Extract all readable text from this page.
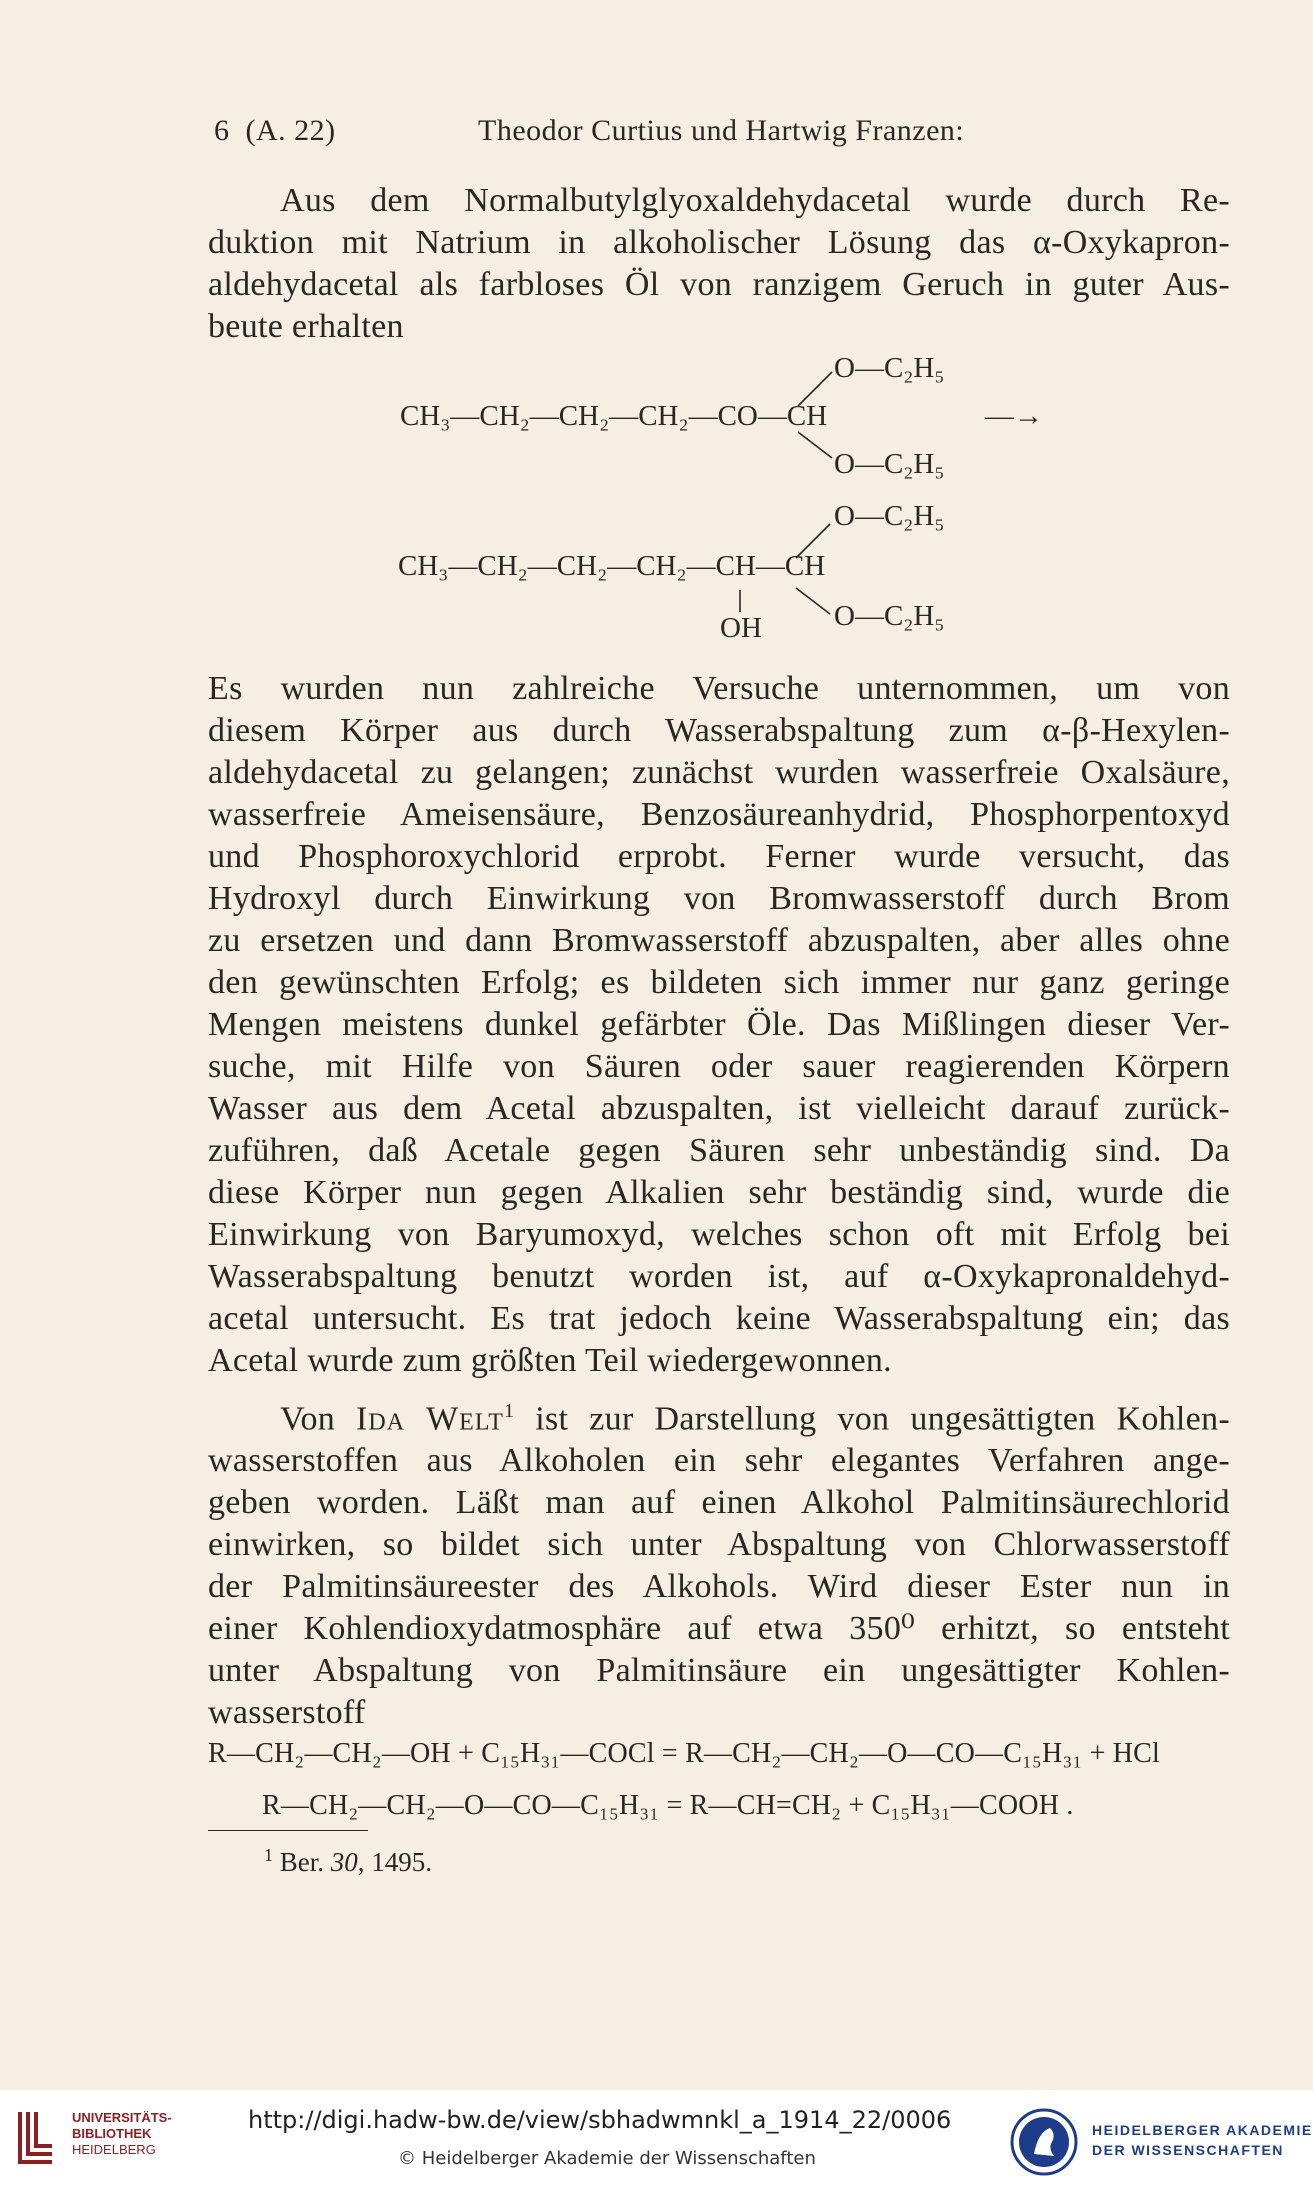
6 (A. 22)	Theodor Curtius und Hartwig Franzen:

Aus dem Normalbutylglyoxaldehydacetal wurde durch Re-

duktion mit Natrium in alkoholischer Lösung das α-Oxykapron-

aldehydacetal als farbloses Öl von ranzigem Geruch in guter Aus-

beute erhalten

O—C₂H₅
CH₃—CH₂—CH₂—CH₂—CO—CH	—→
O—C₂H₅
O—C₂H₅
CH₃—CH₂—CH₂—CH₂—CH—CH
O—C₂H₅
OH

Es wurden nun zahlreiche Versuche unternommen, um von

diesem Körper aus durch Wasserabspaltung zum α-β-Hexylen-

aldehydacetal zu gelangen; zunächst wurden wasserfreie Oxalsäure,

wasserfreie Ameisensäure, Benzosäureanhydrid, Phosphorpentoxyd

und Phosphoroxychlorid erprobt. Ferner wurde versucht, das

Hydroxyl durch Einwirkung von Bromwasserstoff durch Brom

zu ersetzen und dann Bromwasserstoff abzuspalten, aber alles ohne

den gewünschten Erfolg; es bildeten sich immer nur ganz geringe

Mengen meistens dunkel gefärbter Öle. Das Mißlingen dieser Ver-

suche, mit Hilfe von Säuren oder sauer reagierenden Körpern

Wasser aus dem Acetal abzuspalten, ist vielleicht darauf zurück-

zuführen, daß Acetale gegen Säuren sehr unbeständig sind. Da

diese Körper nun gegen Alkalien sehr beständig sind, wurde die

Einwirkung von Baryumoxyd, welches schon oft mit Erfolg bei

Wasserabspaltung benutzt worden ist, auf α-Oxykapronaldehyd-

acetal untersucht. Es trat jedoch keine Wasserabspaltung ein; das

Acetal wurde zum größten Teil wiedergewonnen.

Von Ida Welt$^1$ ist zur Darstellung von ungesättigten Kohlen-

wasserstoffen aus Alkoholen ein sehr elegantes Verfahren ange-

geben worden. Läßt man auf einen Alkohol Palmitinsäurechlorid

einwirken, so bildet sich unter Abspaltung von Chlorwasserstoff

der Palmitinsäureester des Alkohols. Wird dieser Ester nun in

einer Kohlendioxydatmosphäre auf etwa 350⁰ erhitzt, so entsteht

unter Abspaltung von Palmitinsäure ein ungesättigter Kohlen-

wasserstoff

R—CH₂—CH₂—OH + C₁₅H₃₁—COCl = R—CH₂—CH₂—O—CO—C₁₅H₃₁ + HCl
R—CH₂—CH₂—O—CO—C₁₅H₃₁ = R—CH=CH₂ + C₁₅H₃₁—COOH .
$^1$ Ber. 30, 1495.
UNIVERSITÄTS-
BIBLIOTHEK
HEIDELBERG
HEIDELBERGER AKADEMIE
DER WISSENSCHAFTEN
http://digi.hadw-bw.de/view/sbhadwmnkl_a_1914_22/0006
© Heidelberger Akademie der Wissenschaften
